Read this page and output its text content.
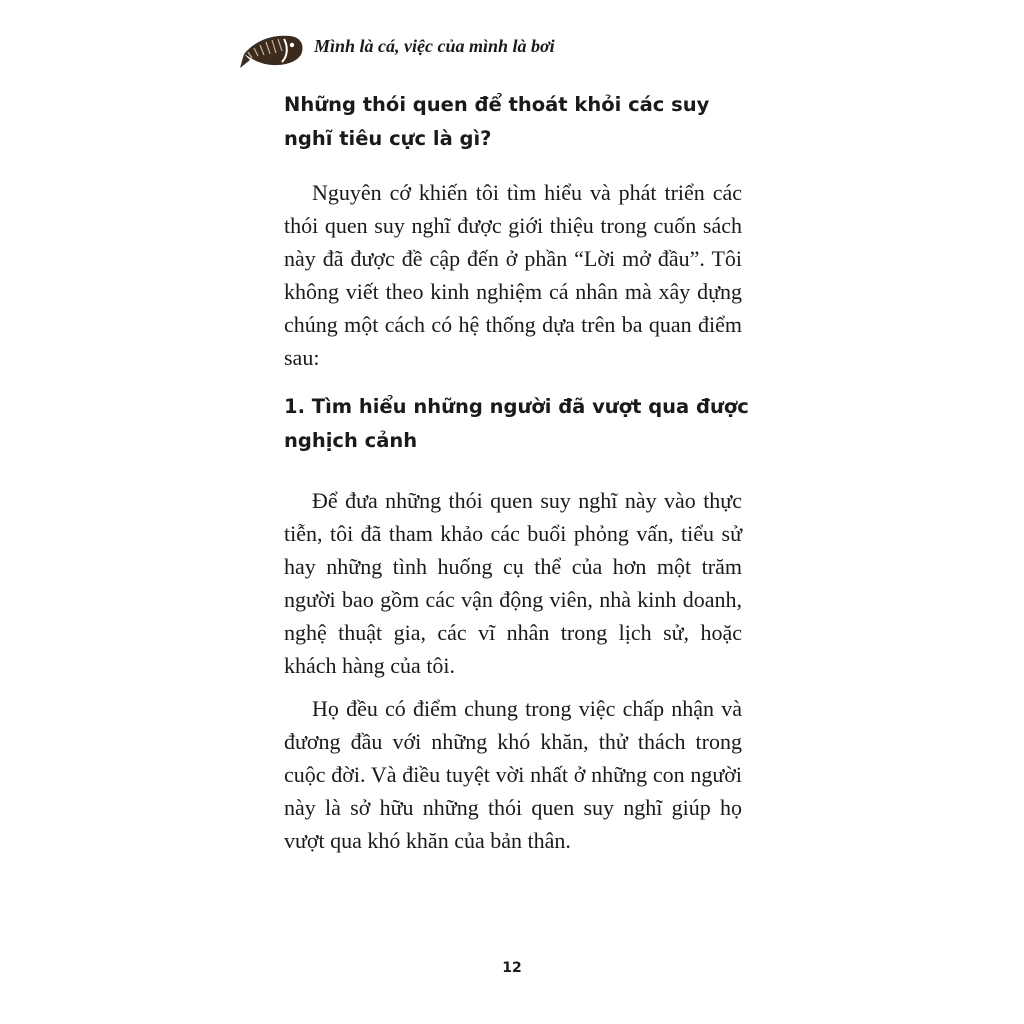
Mình là cá, việc của mình là bơi
Những thói quen để thoát khỏi các suy nghĩ tiêu cực là gì?

Nguyên cớ khiến tôi tìm hiểu và phát triển các thói quen suy nghĩ được giới thiệu trong cuốn sách này đã được đề cập đến ở phần “Lời mở đầu”. Tôi không viết theo kinh nghiệm cá nhân mà xây dựng chúng một cách có hệ thống dựa trên ba quan điểm sau:

1. Tìm hiểu những người đã vượt qua được nghịch cảnh

Để đưa những thói quen suy nghĩ này vào thực tiễn, tôi đã tham khảo các buổi phỏng vấn, tiểu sử hay những tình huống cụ thể của hơn một trăm người bao gồm các vận động viên, nhà kinh doanh, nghệ thuật gia, các vĩ nhân trong lịch sử, hoặc khách hàng của tôi.

Họ đều có điểm chung trong việc chấp nhận và đương đầu với những khó khăn, thử thách trong cuộc đời. Và điều tuyệt vời nhất ở những con người này là sở hữu những thói quen suy nghĩ giúp họ vượt qua khó khăn của bản thân.

12
